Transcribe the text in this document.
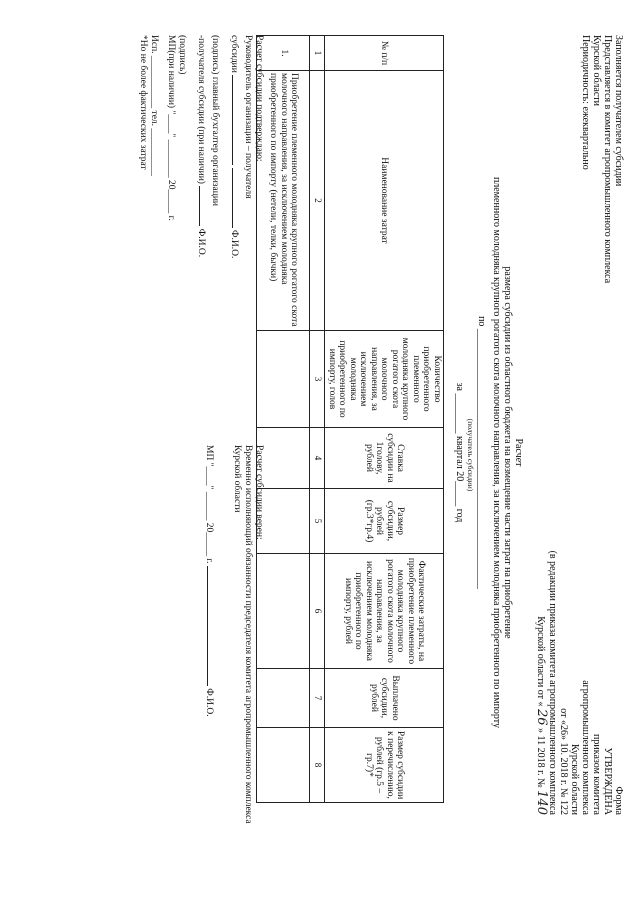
Заполняется получателем субсидии
Представляется в комитет агропромышленного комплекса
Курской области
Периодичность: ежеквартально
Форма
УТВЕРЖДЕНА
приказом комитета
агропромышленного комплекса
Курской области
от «26» 10. 2018 г. № 122
(в редакции приказа комитета агропромышленного комплекса
Курской области от « 26 » 11 2018 г. № 140
Расчет
размера субсидии из областного бюджета на возмещение части затрат на приобретение
племенного молодняка крупного рогатого скота молочного направления, за исключением молодняка приобретенного по импорту
по ____________________________________________________
(получатель субсидии)
за ________ квартал 20_____ год
№ п/п	Наименование затрат	Количество приобретенного племенного молодняка крупного рогатого скота молочного направления, за исключением молодняка приобретенного по импорту, голов	Ставка субсидии на 1голову, рублей	Размер субсидии, рублей (гр.3*гр.4)	Фактические затраты, на приобретение племенного молодняка крупного рогатого скота молочного направления, за исключением молодняка приобретенного по импорту, рублей	Выплачено субсидии, рублей	Размер субсидии к перечислению, рублей (гр.5 – гр.7)*
1	2	3	4	5	6	7	8
1.	Приобретение племенного молодняка крупного рогатого скота молочного направления, за исключением молодняка приобретенного по импорту (нетели, телки, бычки)						
Расчет субсидии подтверждаю:
Руководитель организации – получателя
субсидии   Ф.И.О.
(подпись) главный бухгалтер организации
-получателя субсидии (при наличии)  Ф.И.О.
(подпись)
МП(при наличии) "____" ________ 20_____ г.
Исп. ___________ тел. __________
*Но не более фактических затрат
Расчет субсидии верен:
Временно исполняющий обязанности председателя комитета агропромышленного комплекса
Курской области
МП "____" ______ 20_____ г.  Ф.И.О.
